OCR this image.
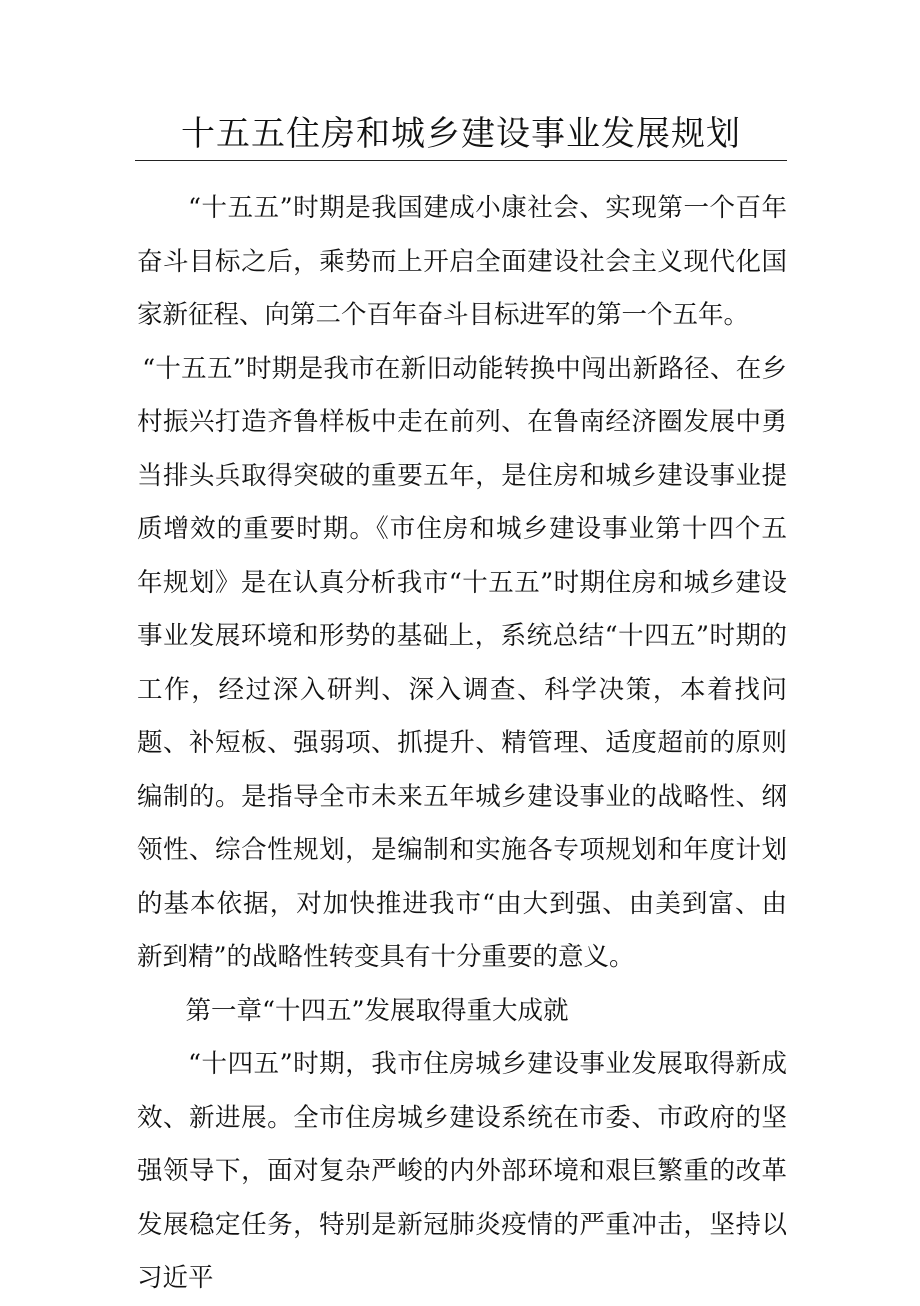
十五五住房和城乡建设事业发展规划

“十五五”时期是我国建成小康社会、实现第一个百年奋斗目标之后，乘势而上开启全面建设社会主义现代化国家新征程、向第二个百年奋斗目标进军的第一个五年。

“十五五”时期是我市在新旧动能转换中闯出新路径、在乡村振兴打造齐鲁样板中走在前列、在鲁南经济圈发展中勇当排头兵取得突破的重要五年，是住房和城乡建设事业提质增效的重要时期。《市住房和城乡建设事业第十四个五年规划》是在认真分析我市“十五五”时期住房和城乡建设事业发展环境和形势的基础上，系统总结“十四五”时期的工作，经过深入研判、深入调查、科学决策，本着找问题、补短板、强弱项、抓提升、精管理、适度超前的原则编制的。是指导全市未来五年城乡建设事业的战略性、纲领性、综合性规划，是编制和实施各专项规划和年度计划的基本依据，对加快推进我市“由大到强、由美到富、由新到精”的战略性转变具有十分重要的意义。

第一章“十四五”发展取得重大成就

“十四五”时期，我市住房城乡建设事业发展取得新成效、新进展。全市住房城乡建设系统在市委、市政府的坚强领导下，面对复杂严峻的内外部环境和艰巨繁重的改革发展稳定任务，特别是新冠肺炎疫情的严重冲击，坚持以习近平
